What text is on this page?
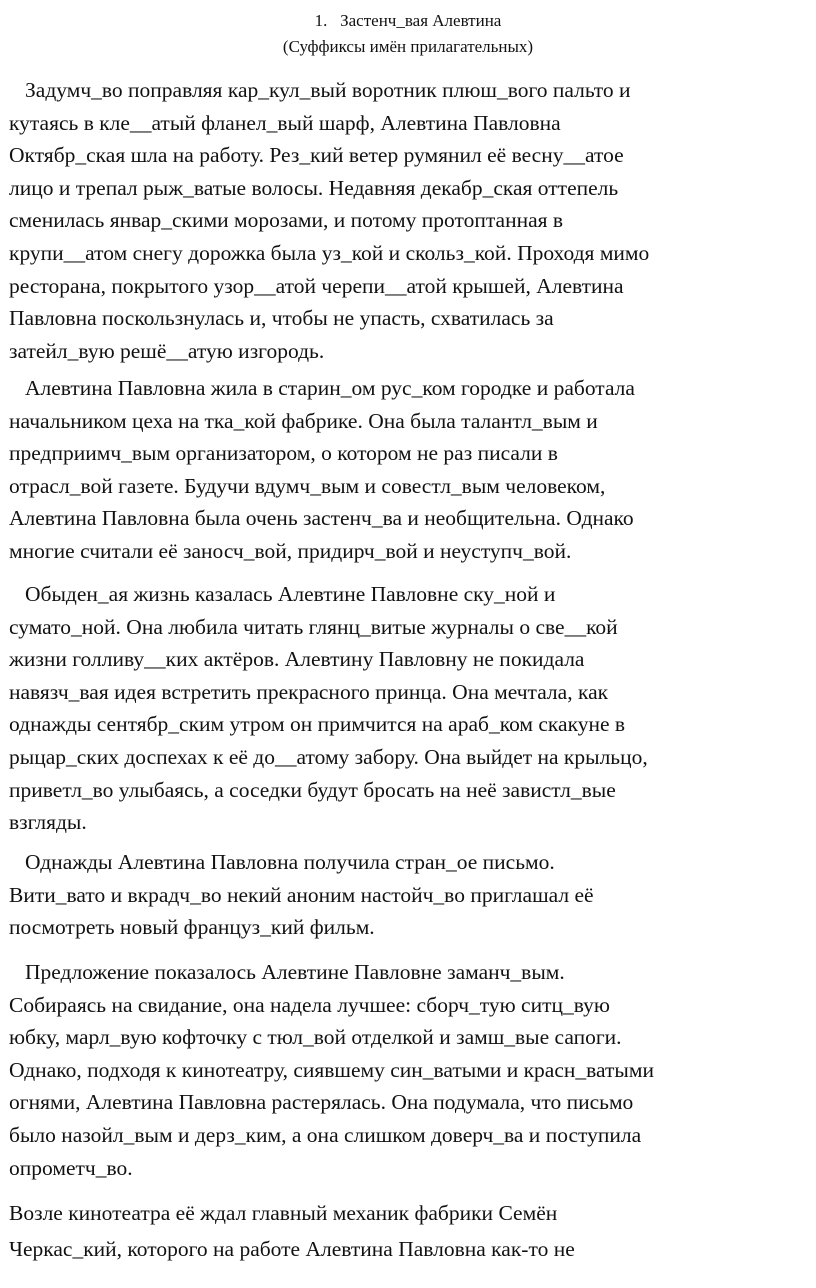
1. Застенч_вая Алевтина
(Суффиксы имён прилагательных)
Задумч_во поправляя кар_кул_вый воротник плюш_вого пальто и
кутаясь в кле__атый фланел_вый шарф, Алевтина Павловна
Октябр_ская шла на работу. Рез_кий ветер румянил её весну__атое
лицо и трепал рыж_ватые волосы. Недавняя декабр_ская оттепель
сменилась январ_скими морозами, и потому протоптанная в
крупи__атом снегу дорожка была уз_кой и скольз_кой. Проходя мимо
ресторана, покрытого узор__атой черепи__атой крышей, Алевтина
Павловна поскользнулась и, чтобы не упасть, схватилась за
затейл_вую решё__атую изгородь.
Алевтина Павловна жила в старин_ом рус_ком городке и работала
начальником цеха на тка_кой фабрике. Она была талантл_вым и
предприимч_вым организатором, о котором не раз писали в
отрасл_вой газете. Будучи вдумч_вым и совестл_вым человеком,
Алевтина Павловна была очень застенч_ва и необщительна. Однако
многие считали её заносч_вой, придирч_вой и неуступч_вой.
Обыден_ая жизнь казалась Алевтине Павловне ску_ной и
сумато_ной. Она любила читать глянц_витые журналы о све__кой
жизни голливу__ких актёров. Алевтину Павловну не покидала
навязч_вая идея встретить прекрасного принца. Она мечтала, как
однажды сентябр_ским утром он примчится на араб_ком скакуне в
рыцар_ских доспехах к её до__атому забору. Она выйдет на крыльцо,
приветл_во улыбаясь, а соседки будут бросать на неё завистл_вые
взгляды.
Однажды Алевтина Павловна получила стран_ое письмо.
Вити_вато и вкрадч_во некий аноним настойч_во приглашал её
посмотреть новый француз_кий фильм.
Предложение показалось Алевтине Павловне заманч_вым.
Собираясь на свидание, она надела лучшее: сборч_тую ситц_вую
юбку, марл_вую кофточку с тюл_вой отделкой и замш_вые сапоги.
Однако, подходя к кинотеатру, сиявшему син_ватыми и красн_ватыми
огнями, Алевтина Павловна растерялась. Она подумала, что письмо
было назойл_вым и дерз_ким, а она слишком доверч_ва и поступила
опрометч_во.
Возле кинотеатра её ждал главный механик фабрики Семён
Черкас_кий, которого на работе Алевтина Павловна как-то не
